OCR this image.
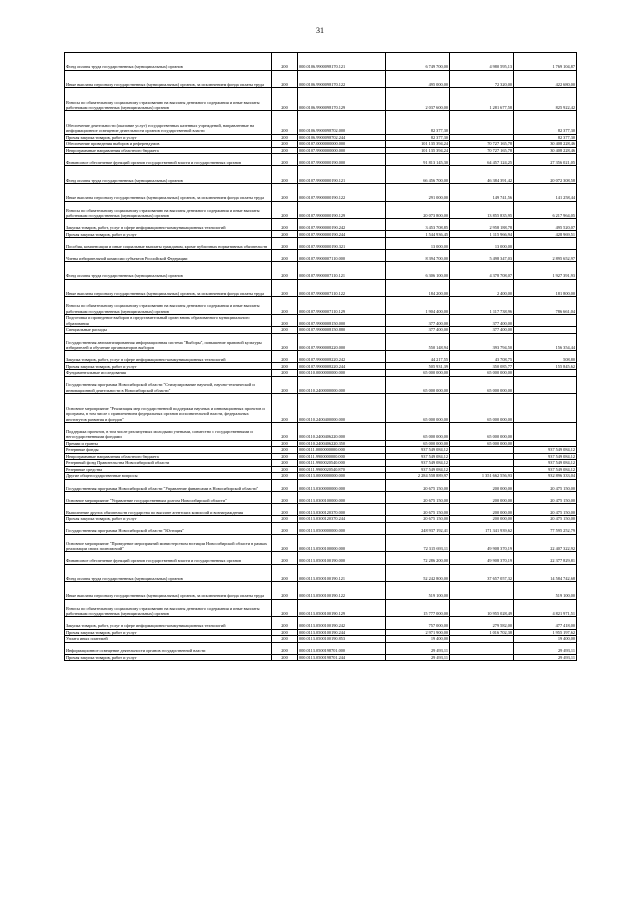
31
Фонд оплаты труда государственных (муниципальных) органов	200	000.0106.9900098170.121	6 749 700,00	4 980 595,13	1 769 104,87
Иные выплаты персоналу государственных (муниципальных) органов, за исключением фонда оплаты труда	200	000.0106.9900098170.122	495 000,00	72 320,00	422 680,00
Взносы по обязательному социальному страхованию на выплаты денежного содержания и иные выплаты работникам государственных (муниципальных) органов	200	000.0106.9900098170.129	2 037 600,00	1 281 677,58	825 922,42
Обеспечение деятельности (оказание услуг) государственных казенных учреждений, направленные на информационное освещение деятельности органов государственной власти	200	000.0106.9900098702.000	82 377,30		82 377,30
Прочая закупка товаров, работ и услуг	200	000.0106.9900098702.244	82 377,30		82 377,30
Обеспечение проведения выборов и референдумов	200	000.0107.0000000000.000	101 135 394,24	70 727 165,78	30 408 228,46
Непрограммные направления областного бюджета	200	000.0107.9900000000.000	101 135 394,24	70 727 165,78	30 408 228,46
Финансовое обеспечение функций органов государственной власти и государственных органов	200	000.0107.9900000190.000	91 813 145,30	64 457 124,25	27 356 021,05
Фонд оплаты труда государственных (муниципальных) органов	200	000.0107.9900000190.121	66 456 700,00	46 384 391,42	20 072 308,58
Иные выплаты персоналу государственных (муниципальных) органов, за исключением фонда оплаты труда	200	000.0107.9900000190.122	291 000,00	149 741,56	141 258,44
Взносы по обязательному социальному страхованию на выплаты денежного содержания и иные выплаты работникам государственных (муниципальных) органов	200	000.0107.9900000190.129	20 073 800,00	13 855 835,95	6 217 964,05
Закупка товаров, работ, услуг в сфере информационно-коммуникационных технологий	200	000.0107.9900000190.242	3 453 708,85	2 958 188,78	495 520,07
Прочая закупка товаров, работ и услуг	200	000.0107.9900000190.244	1 544 936,45	1 115 966,94	428 969,51
Пособия, компенсации и иные социальные выплаты гражданам, кроме публичных нормативных обязательств	200	000.0107.9900000190.321	13 000,00	13 000,00	
Члены избирательной комиссии субъектов Российской Федерации	200	000.0107.9900007110.000	8 394 700,00	5 498 347,03	2 895 652,97
Фонд оплаты труда государственных (муниципальных) органов	200	000.0107.9900007110.121	6 306 100,00	4 378 708,07	1 927 391,93
Иные выплаты персоналу государственных (муниципальных) органов, за исключением фонда оплаты труда	200	000.0107.9900007110.122	184 200,00	2 400,00	181 800,00
Взносы по обязательному социальному страхованию на выплаты денежного содержания и иные выплаты работникам государственных (муниципальных) органов	200	000.0107.9900007110.129	1 904 400,00	1 117 738,96	786 661,04
Подготовка и проведение выборов в представительный орган вновь образованного муниципального образования	200	000.0107.9900008150.000	377 400,00	377 400,00	
Специальные расходы	200	000.0107.9900008150.880	377 400,00	377 400,00	
Государственная автоматизированная информационная система "Выборы", повышение правовой культуры избирателей и обучение организаторов выборов	200	000.0107.9900008220.000	550 148,94	393 794,50	156 354,44
Закупка товаров, работ, услуг в сфере информационно-коммуникационных технологий	200	000.0107.9900008220.242	44 217,55	43 708,75	508,80
Прочая закупка товаров, работ и услуг	200	000.0107.9900008220.244	505 931,39	350 085,77	155 845,62
Фундаментальные исследования	200	000.0110.0000000000.000	65 000 000,00	65 000 000,00	
Государственная программа Новосибирской области "Стимулирование научной, научно-технической и инновационной деятельности в Новосибирской области"	200	000.0110.2400000000.000	65 000 000,00	65 000 000,00	
Основное мероприятие "Реализация мер государственной поддержки научных и инновационных проектов и программ, в том числе с привлечением федеральных органов исполнительной власти, федеральных институтов развития и фондов"	200	000.0110.2400400000.000	65 000 000,00	65 000 000,00	
Поддержка проектов, в том числе реализуемых молодыми учеными, совместно с государственными и негосударственными фондами	200	000.0110.2400406220.000	65 000 000,00	65 000 000,00	
Премии и гранты	200	000.0110.2400406220.350	65 000 000,00	65 000 000,00	
Резервные фонды	200	000.0111.0000000000.000	937 549 084,12		937 549 084,12
Непрограммные направления областного бюджета	200	000.0111.9900000000.000	937 549 084,12		937 549 084,12
Резервный фонд Правительства Новосибирской области	200	000.0111.9900020540.000	937 549 084,12		937 549 084,12
Резервные средства	200	000.0111.9900020540.870	937 549 084,12		937 549 084,12
Другие общегосударственные вопросы	200	000.0113.0000000000.000	2 284 558 889,97	1 351 662 556,93	932 896 333,04
Государственная программа Новосибирской области "Управление финансами в Новосибирской области"	200	000.0113.0300000000.000	20 675 150,00	200 000,00	20 475 150,00
Основное мероприятие "Управление государственным долгом Новосибирской области"	200	000.0113.0300100000.000	20 675 150,00	200 000,00	20 475 150,00
Выполнение других обязательств государства по выплате агентских комиссий и вознаграждения	200	000.0113.0300120370.000	20 675 150,00	200 000,00	20 475 150,00
Прочая закупка товаров, работ и услуг	200	000.0113.0300120370.244	20 675 150,00	200 000,00	20 475 150,00
Государственная программа Новосибирской области "Юстиция"	200	000.0113.0500000000.000	248 937 192,41	171 341 939,62	77 595 252,79
Основное мероприятие "Проведение мероприятий министерством юстиции Новосибирской области в рамках реализации своих полномочий"	200	000.0113.0500100000.000	72 315 693,11	49 908 370,19	22 407 322,92
Финансовое обеспечение функций органов государственной власти и государственных органов	200	000.0113.0500100190.000	72 286 200,00	49 908 370,19	22 377 829,81
Фонд оплаты труда государственных (муниципальных) органов	200	000.0113.0500100190.121	52 242 800,00	37 657 057,32	14 584 742,68
Иные выплаты персоналу государственных (муниципальных) органов, за исключением фонда оплаты труда	200	000.0113.0500100190.122	519 100,00		519 100,00
Взносы по обязательному социальному страхованию на выплаты денежного содержания и иные выплаты работникам государственных (муниципальных) органов	200	000.0113.0500100190.129	15 777 000,00	10 955 028,49	4 821 971,51
Закупка товаров, работ, услуг в сфере информационно-коммуникационных технологий	200	000.0113.0500100190.242	757 000,00	279 582,00	477 418,00
Прочая закупка товаров, работ и услуг	200	000.0113.0500100190.244	2 971 900,00	1 016 702,38	1 955 197,62
Уплата иных платежей	200	000.0113.0500100190.853	19 400,00		19 400,00
Информационное освещение деятельности органов государственной власти	200	000.0113.0500198701.000	29 493,11		29 493,11
Прочая закупка товаров, работ и услуг	200	000.0113.0500198701.244	29 493,11		29 493,11
